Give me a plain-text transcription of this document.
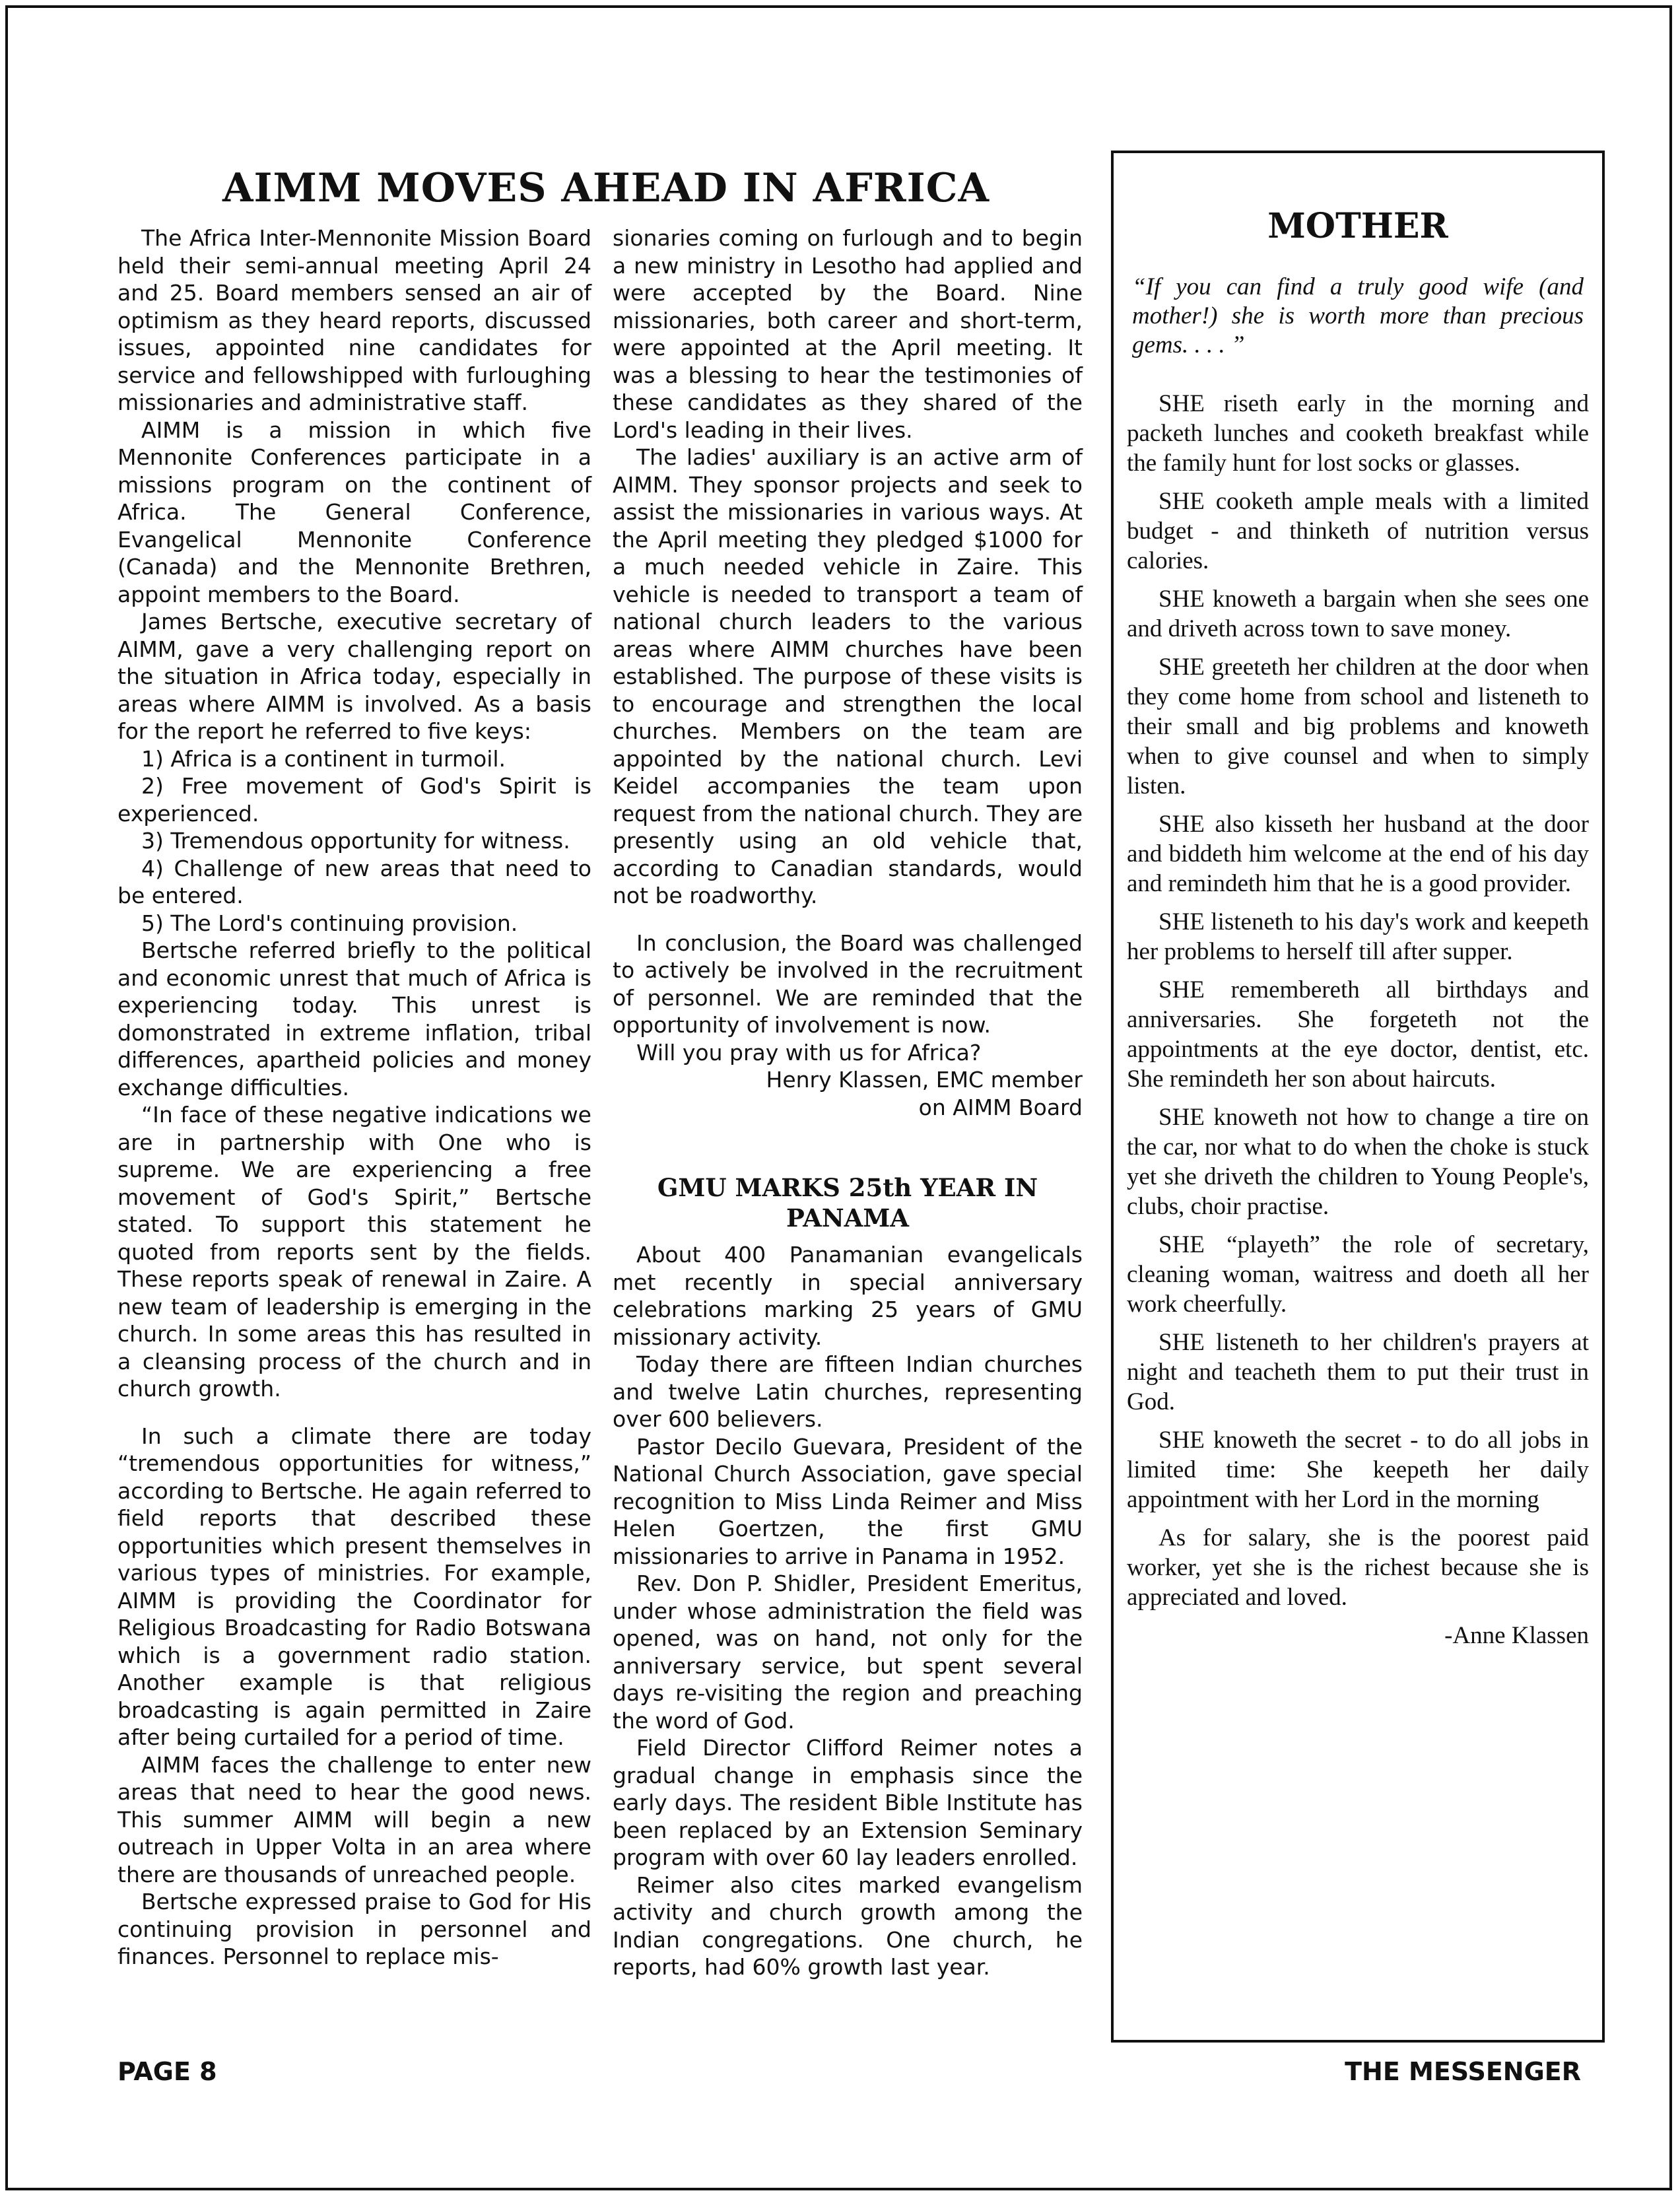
AIMM MOVES AHEAD IN AFRICA

The Africa Inter-Mennonite Mission Board held their semi-annual meeting April 24 and 25. Board members sensed an air of optimism as they heard reports, discussed issues, appointed nine candidates for service and fellowshipped with furloughing missionaries and administrative staff.

AIMM is a mission in which five Mennonite Conferences participate in a missions program on the continent of Africa. The General Conference, Evangelical Mennonite Conference (Canada) and the Mennonite Brethren, appoint members to the Board.

James Bertsche, executive secretary of AIMM, gave a very challenging report on the situation in Africa today, especially in areas where AIMM is involved. As a basis for the report he referred to five keys:

1) Africa is a continent in turmoil.

2) Free movement of God's Spirit is experienced.

3) Tremendous opportunity for witness.

4) Challenge of new areas that need to be entered.

5) The Lord's continuing provision.

Bertsche referred briefly to the political and economic unrest that much of Africa is experiencing today. This unrest is domonstrated in extreme inflation, tribal differences, apartheid policies and money exchange difficulties.

“In face of these negative indications we are in partnership with One who is supreme. We are experiencing a free movement of God's Spirit,” Bertsche stated. To support this statement he quoted from reports sent by the fields. These reports speak of renewal in Zaire. A new team of leadership is emerging in the church. In some areas this has resulted in a cleansing process of the church and in church growth.

In such a climate there are today “tremendous opportunities for witness,” according to Bertsche. He again referred to field reports that described these opportunities which present themselves in various types of ministries. For example, AIMM is providing the Coordinator for Religious Broadcasting for Radio Botswana which is a government radio station. Another example is that religious broadcasting is again permitted in Zaire after being curtailed for a period of time.

AIMM faces the challenge to enter new areas that need to hear the good news. This summer AIMM will begin a new outreach in Upper Volta in an area where there are thousands of unreached people.

Bertsche expressed praise to God for His continuing provision in personnel and finances. Personnel to replace mis-

sionaries coming on furlough and to begin a new ministry in Lesotho had applied and were accepted by the Board. Nine missionaries, both career and short-term, were appointed at the April meeting. It was a blessing to hear the testimonies of these candidates as they shared of the Lord's leading in their lives.

The ladies' auxiliary is an active arm of AIMM. They sponsor projects and seek to assist the missionaries in various ways. At the April meeting they pledged $1000 for a much needed vehicle in Zaire. This vehicle is needed to transport a team of national church leaders to the various areas where AIMM churches have been established. The purpose of these visits is to encourage and strengthen the local churches. Members on the team are appointed by the national church. Levi Keidel accompanies the team upon request from the national church. They are presently using an old vehicle that, according to Canadian standards, would not be roadworthy.

In conclusion, the Board was challenged to actively be involved in the recruitment of personnel. We are reminded that the opportunity of involvement is now.

Will you pray with us for Africa?

Henry Klassen, EMC member
on AIMM Board
GMU MARKS 25th YEAR IN PANAMA

About 400 Panamanian evangelicals met recently in special anniversary celebrations marking 25 years of GMU missionary activity.

Today there are fifteen Indian churches and twelve Latin churches, representing over 600 believers.

Pastor Decilo Guevara, President of the National Church Association, gave special recognition to Miss Linda Reimer and Miss Helen Goertzen, the first GMU missionaries to arrive in Panama in 1952.

Rev. Don P. Shidler, President Emeritus, under whose administration the field was opened, was on hand, not only for the anniversary service, but spent several days re-visiting the region and preaching the word of God.

Field Director Clifford Reimer notes a gradual change in emphasis since the early days. The resident Bible Institute has been replaced by an Extension Seminary program with over 60 lay leaders enrolled.

Reimer also cites marked evangelism activity and church growth among the Indian congregations. One church, he reports, had 60% growth last year.

MOTHER

“If you can find a truly good wife (and mother!) she is worth more than precious gems. . . . ”

SHE riseth early in the morning and packeth lunches and cooketh breakfast while the family hunt for lost socks or glasses.

SHE cooketh ample meals with a limited budget - and thinketh of nutrition versus calories.

SHE knoweth a bargain when she sees one and driveth across town to save money.

SHE greeteth her children at the door when they come home from school and listeneth to their small and big problems and knoweth when to give counsel and when to simply listen.

SHE also kisseth her husband at the door and biddeth him welcome at the end of his day and remindeth him that he is a good provider.

SHE listeneth to his day's work and keepeth her problems to herself till after supper.

SHE remembereth all birthdays and anniversaries. She forgeteth not the appointments at the eye doctor, dentist, etc. She remindeth her son about haircuts.

SHE knoweth not how to change a tire on the car, nor what to do when the choke is stuck yet she driveth the children to Young People's, clubs, choir practise.

SHE “playeth” the role of secretary, cleaning woman, waitress and doeth all her work cheerfully.

SHE listeneth to her children's prayers at night and teacheth them to put their trust in God.

SHE knoweth the secret - to do all jobs in limited time: She keepeth her daily appointment with her Lord in the morning

As for salary, she is the poorest paid worker, yet she is the richest because she is appreciated and loved.

-Anne Klassen

PAGE 8	THE MESSENGER
